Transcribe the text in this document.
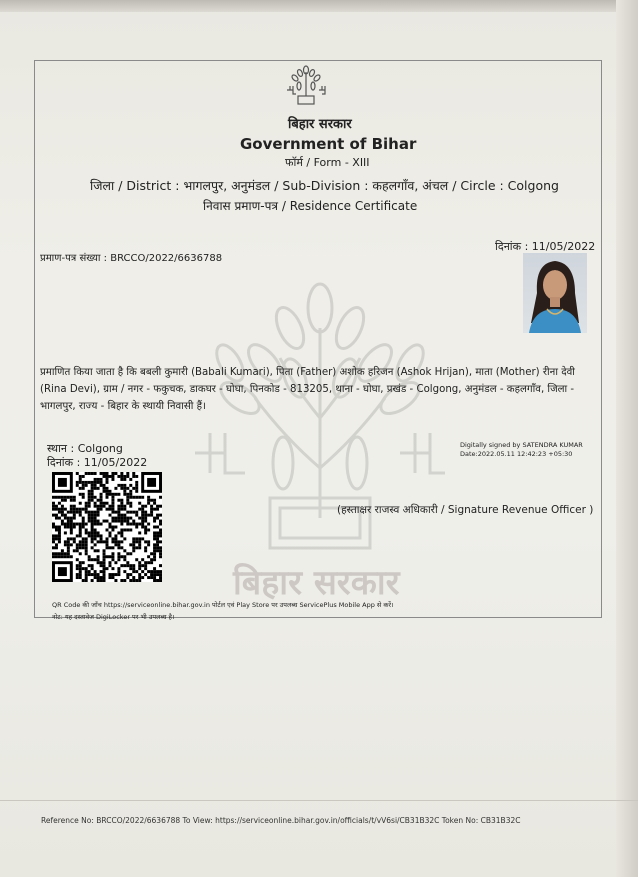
बिहार सरकार
बिहार सरकार
Government of Bihar
फॉर्म / Form - XIII
जिला / District : भागलपुर, अनुमंडल / Sub-Division : कहलगाँव, अंचल / Circle : Colgong
निवास प्रमाण-पत्र / Residence Certificate
दिनांक : 11/05/2022
प्रमाण-पत्र संख्या : BRCCO/2022/6636788
प्रमाणित किया जाता है कि बबली कुमारी (Babali Kumari), पिता (Father) अशोक हरिजन (Ashok Hrijan), माता (Mother) रीना देवी (Rina Devi), ग्राम / नगर - फकुचक, डाकघर - घोघा, पिनकोड - 813205, थाना - घोघा, प्रखंड - Colgong, अनुमंडल - कहलगाँव, जिला - भागलपुर, राज्य - बिहार के स्थायी निवासी हैं।
स्थान : Colgong
दिनांक : 11/05/2022
Digitally signed by SATENDRA KUMAR
Date:2022.05.11 12:42:23 +05:30
(हस्ताक्षर राजस्व अधिकारी / Signature Revenue Officer )
QR Code की जाँच https://serviceonline.bihar.gov.in पोर्टल एवं Play Store पर उपलब्ध ServicePlus Mobile App से करें।
नोट: यह दस्तावेज DigiLocker पर भी उपलब्ध है।
Reference No: BRCCO/2022/6636788 To View: https://serviceonline.bihar.gov.in/officials/t/vV6si/CB31B32C Token No: CB31B32C
